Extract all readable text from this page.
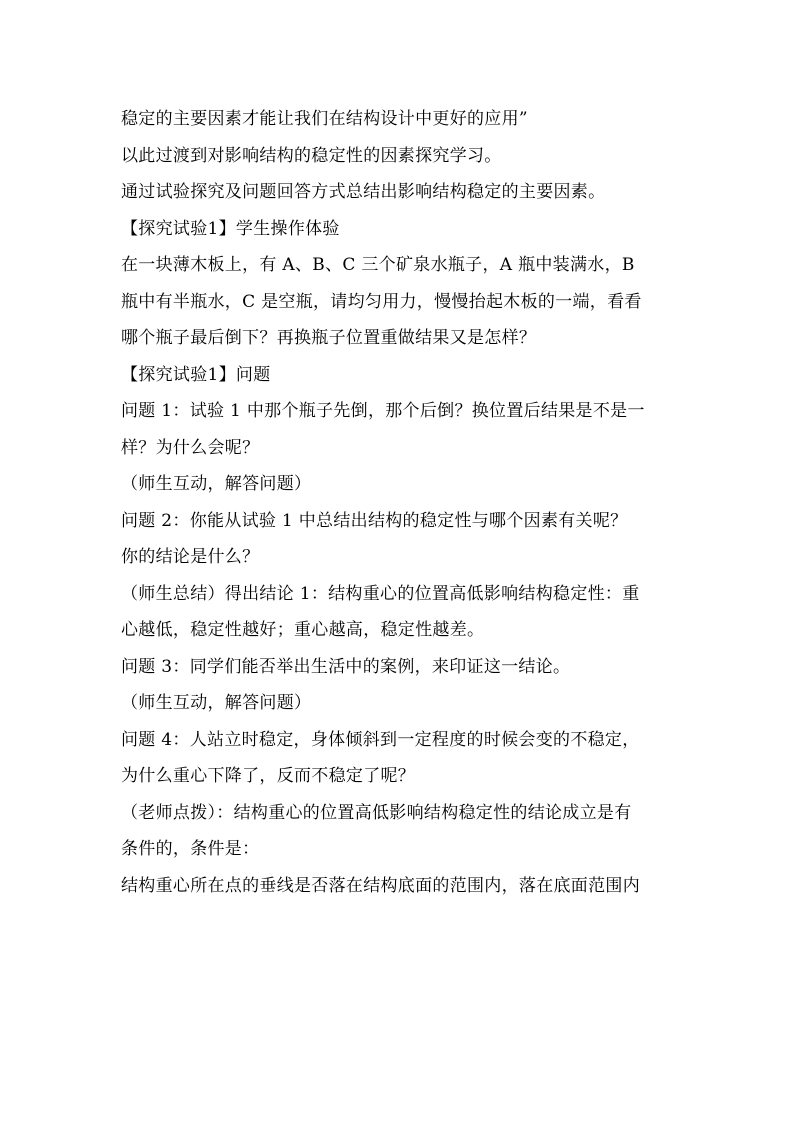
稳定的主要因素才能让我们在结构设计中更好的应用”
以此过渡到对影响结构的稳定性的因素探究学习。
通过试验探究及问题回答方式总结出影响结构稳定的主要因素。
【探究试验1】学生操作体验
在一块薄木板上，有 A、B、C 三个矿泉水瓶子，A 瓶中装满水，B
瓶中有半瓶水，C 是空瓶，请均匀用力，慢慢抬起木板的一端，看看
哪个瓶子最后倒下？再换瓶子位置重做结果又是怎样？
【探究试验1】问题
问题 1：试验 1 中那个瓶子先倒，那个后倒？换位置后结果是不是一
样？为什么会呢？
（师生互动，解答问题）
问题 2：你能从试验 1 中总结出结构的稳定性与哪个因素有关呢？
你的结论是什么？
（师生总结）得出结论 1：结构重心的位置高低影响结构稳定性：重
心越低，稳定性越好；重心越高，稳定性越差。
问题 3：同学们能否举出生活中的案例，来印证这一结论。
（师生互动，解答问题）
问题 4：人站立时稳定，身体倾斜到一定程度的时候会变的不稳定，
为什么重心下降了，反而不稳定了呢？
（老师点拨）：结构重心的位置高低影响结构稳定性的结论成立是有
条件的，条件是：
结构重心所在点的垂线是否落在结构底面的范围内，落在底面范围内
